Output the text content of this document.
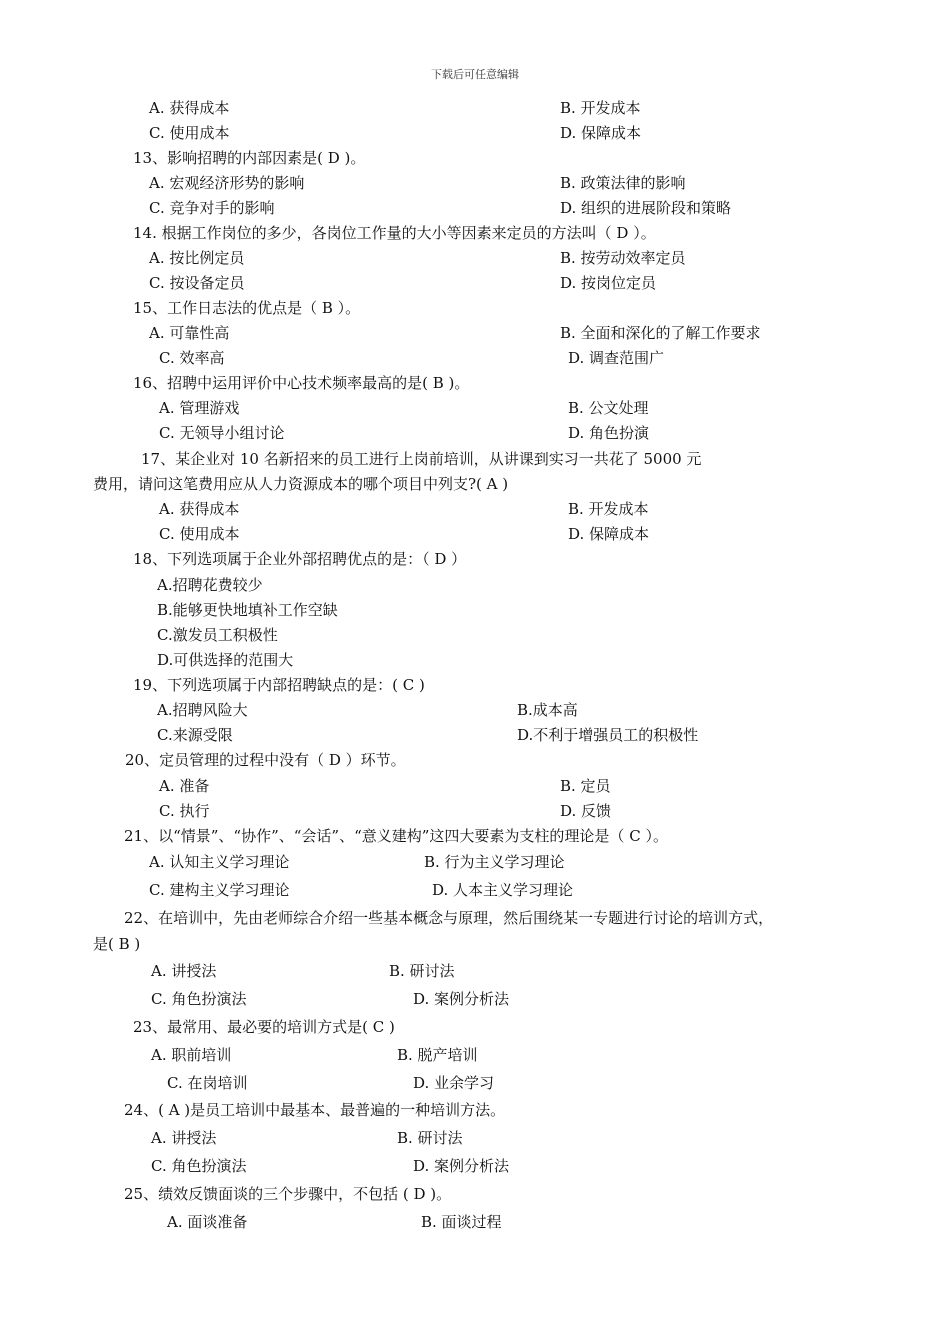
下载后可任意编辑
A. 获得成本	B. 开发成本
C. 使用成本	D. 保障成本
13、影响招聘的内部因素是( D )。
A. 宏观经济形势的影响	B. 政策法律的影响
C. 竞争对手的影响	D. 组织的进展阶段和策略
14. 根据工作岗位的多少，各岗位工作量的大小等因素来定员的方法叫（ D ）。
A. 按比例定员	B. 按劳动效率定员
C. 按设备定员	D. 按岗位定员
15、工作日志法的优点是（ B ）。
A. 可靠性高	B. 全面和深化的了解工作要求
C. 效率高	D. 调查范围广
16、招聘中运用评价中心技术频率最高的是( B )。
A. 管理游戏	B. 公文处理
C. 无领导小组讨论	D. 角色扮演
17、某企业对 10 名新招来的员工进行上岗前培训，从讲课到实习一共花了 5000 元
费用，请问这笔费用应从人力资源成本的哪个项目中列支?( A )
A. 获得成本	B. 开发成本
C. 使用成本	D. 保障成本
18、下列选项属于企业外部招聘优点的是：（ D ）
A.招聘花费较少
B.能够更快地填补工作空缺
C.激发员工积极性
D.可供选择的范围大
19、下列选项属于内部招聘缺点的是：( C )
A.招聘风险大	B.成本高
C.来源受限	D.不利于增强员工的积极性
20、定员管理的过程中没有（ D ）环节。
A. 准备	B. 定员
C. 执行	D. 反馈
21、以“情景”、“协作”、“会话”、“意义建构”这四大要素为支柱的理论是（ C ）。
A. 认知主义学习理论	B. 行为主义学习理论
C. 建构主义学习理论	D. 人本主义学习理论
22、在培训中，先由老师综合介绍一些基本概念与原理，然后围绕某一专题进行讨论的培训方式，
是( B )
A. 讲授法	B. 研讨法
C. 角色扮演法	D. 案例分析法
23、最常用、最必要的培训方式是( C )
A. 职前培训	B. 脱产培训
C. 在岗培训	D. 业余学习
24、( A )是员工培训中最基本、最普遍的一种培训方法。
A. 讲授法	B. 研讨法
C. 角色扮演法	D. 案例分析法
25、绩效反馈面谈的三个步骤中，不包括 ( D )。
A. 面谈准备	B. 面谈过程
